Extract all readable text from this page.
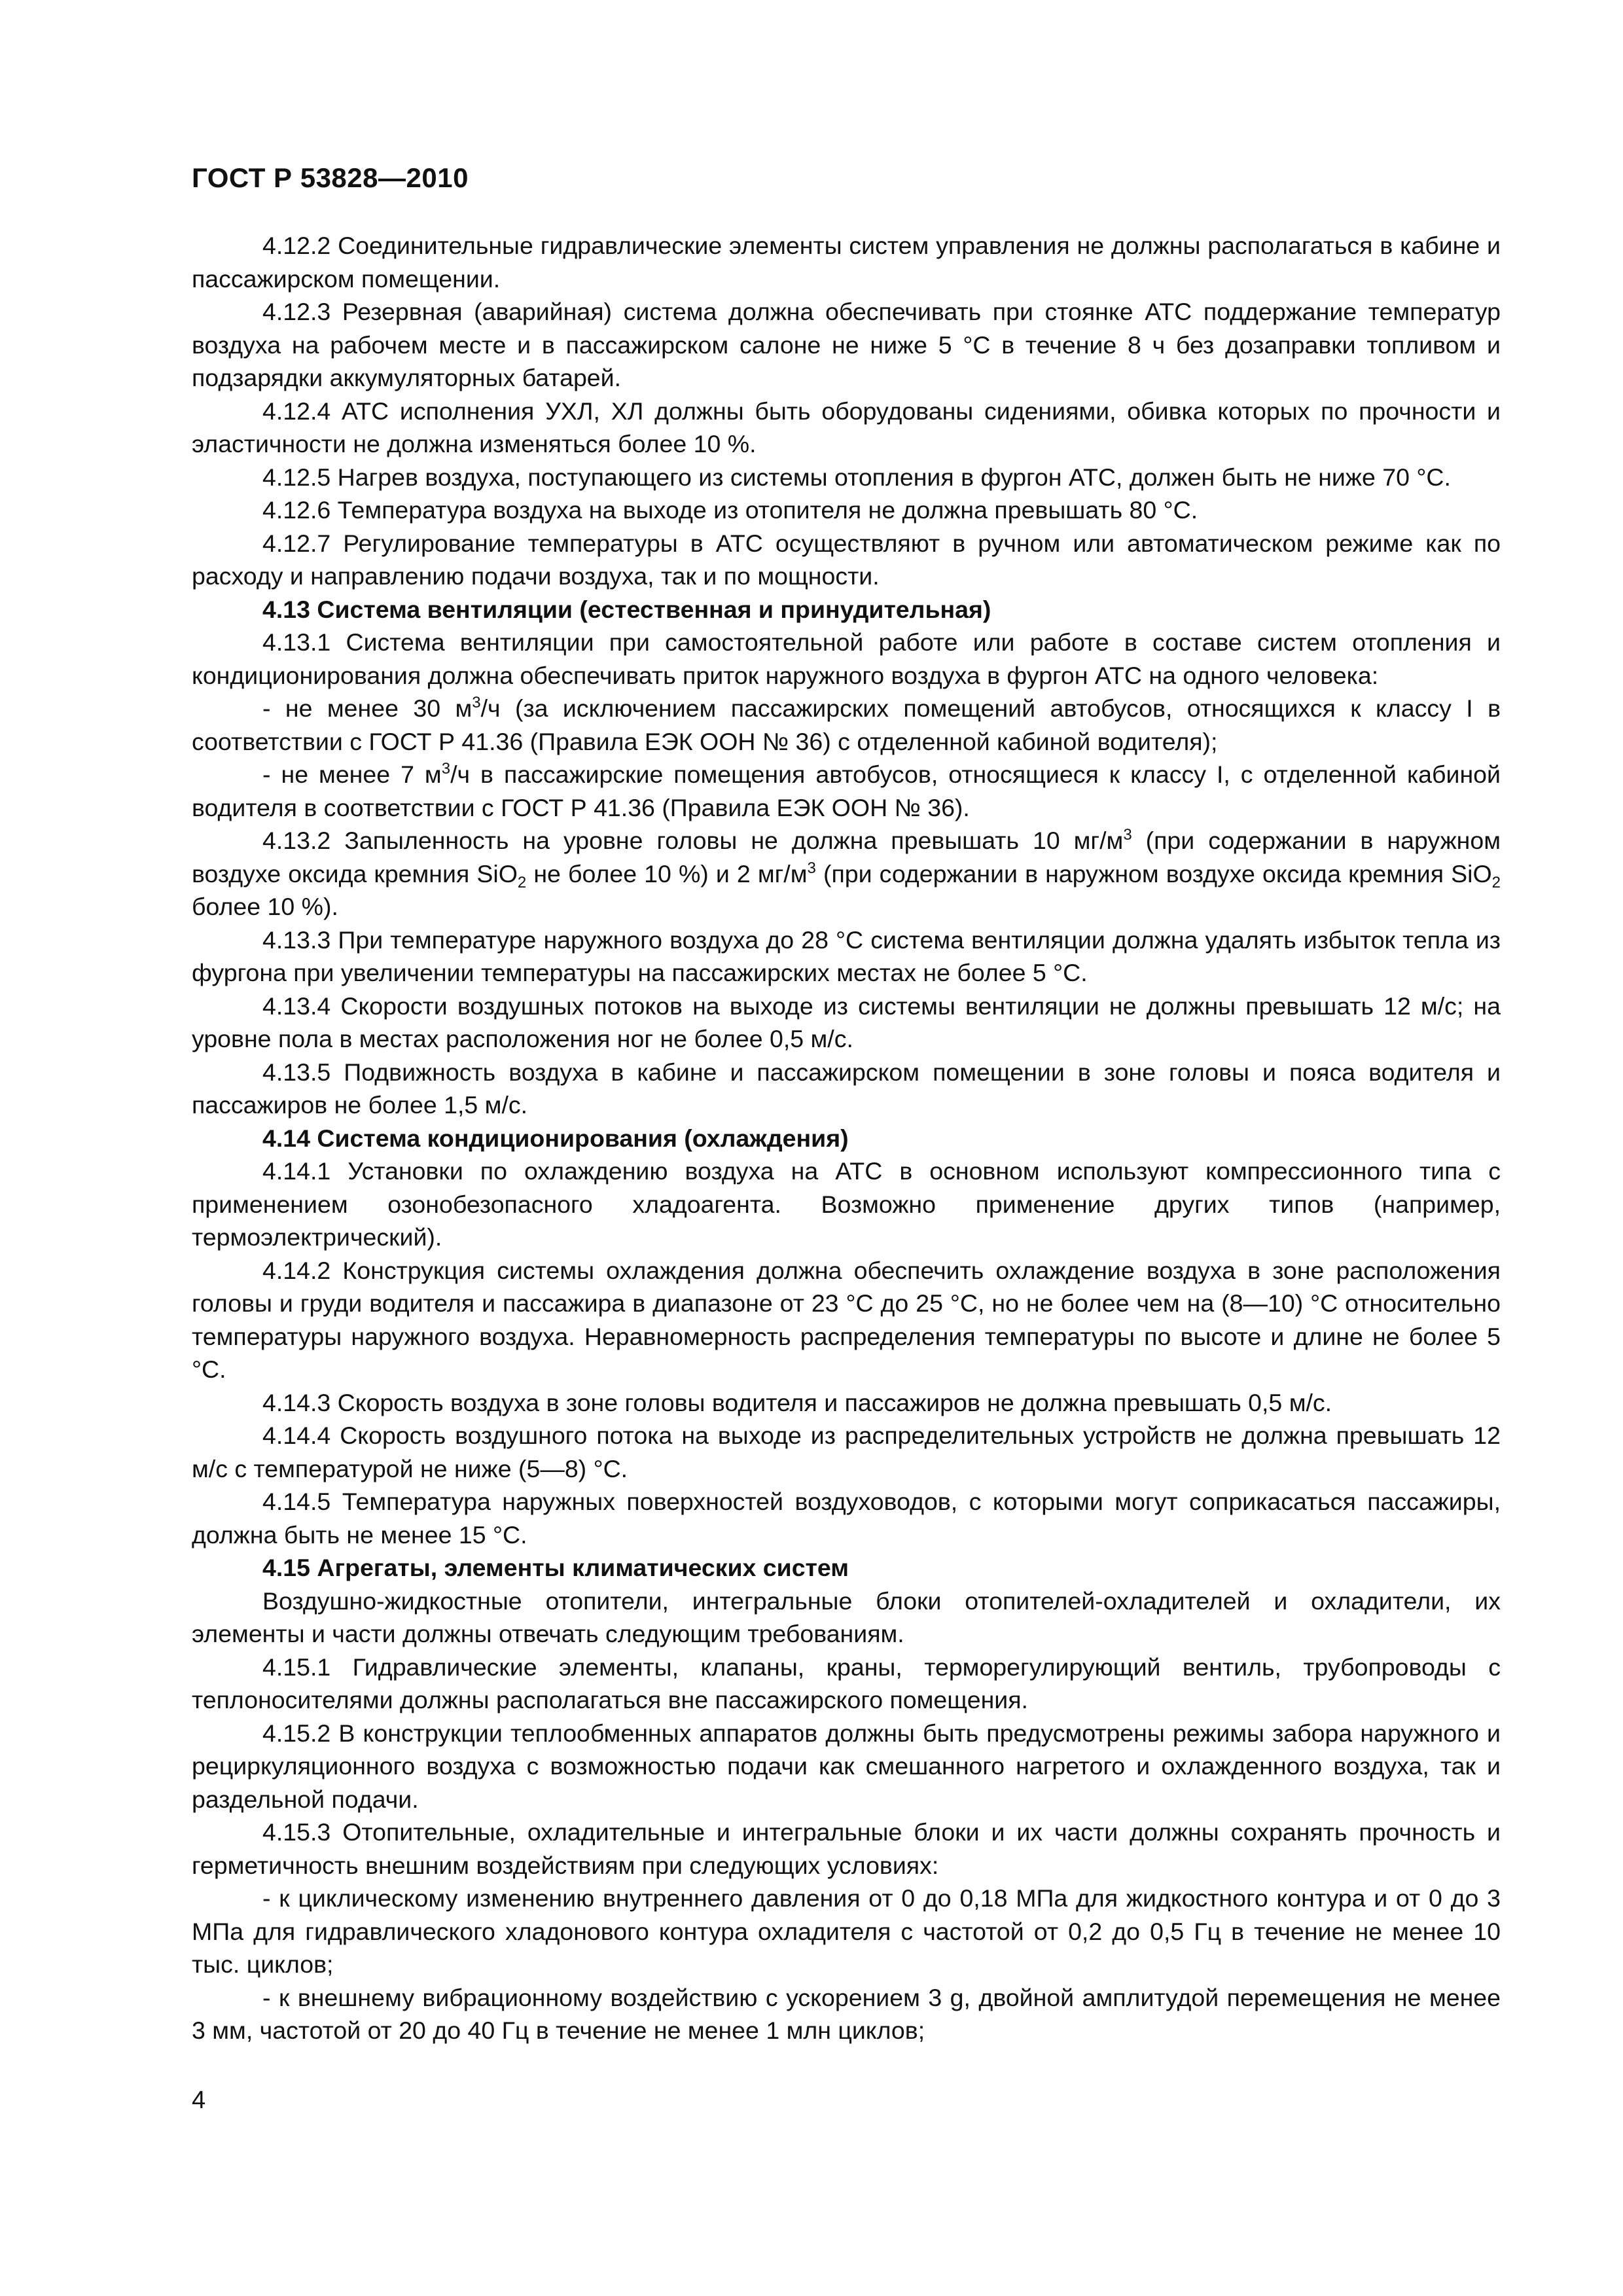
ГОСТ Р 53828—2010

4.12.2 Соединительные гидравлические элементы систем управления не должны располагаться в кабине и пассажирском помещении.

4.12.3 Резервная (аварийная) система должна обеспечивать при стоянке АТС поддержание температур воздуха на рабочем месте и в пассажирском салоне не ниже 5 °С в течение 8 ч без дозаправки топливом и подзарядки аккумуляторных батарей.

4.12.4 АТС исполнения УХЛ, ХЛ должны быть оборудованы сидениями, обивка которых по прочности и эластичности не должна изменяться более 10 %.

4.12.5 Нагрев воздуха, поступающего из системы отопления в фургон АТС, должен быть не ниже 70 °С.

4.12.6 Температура воздуха на выходе из отопителя не должна превышать 80 °С.

4.12.7 Регулирование температуры в АТС осуществляют в ручном или автоматическом режиме как по расходу и направлению подачи воздуха, так и по мощности.

4.13 Система вентиляции (естественная и принудительная)

4.13.1 Система вентиляции при самостоятельной работе или работе в составе систем отопления и кондиционирования должна обеспечивать приток наружного воздуха в фургон АТС на одного человека:

- не менее 30 $м^3/ч$ (за исключением пассажирских помещений автобусов, относящихся к классу I в соответствии с ГОСТ Р 41.36 (Правила ЕЭК ООН № 36) с отделенной кабиной водителя);

- не менее 7 $м^3/ч$ в пассажирские помещения автобусов, относящиеся к классу I, с отделенной кабиной водителя в соответствии с ГОСТ Р 41.36 (Правила ЕЭК ООН № 36).

4.13.2 Запыленность на уровне головы не должна превышать 10 $мг/м^3$ (при содержании в наружном воздухе оксида кремния SiO$_2$ не более 10 %) и 2 $мг/м^3$ (при содержании в наружном воздухе оксида кремния SiO$_2$ более 10 %).

4.13.3 При температуре наружного воздуха до 28 °С система вентиляции должна удалять избыток тепла из фургона при увеличении температуры на пассажирских местах не более 5 °С.

4.13.4 Скорости воздушных потоков на выходе из системы вентиляции не должны превышать 12 м/с; на уровне пола в местах расположения ног не более 0,5 м/с.

4.13.5 Подвижность воздуха в кабине и пассажирском помещении в зоне головы и пояса водителя и пассажиров не более 1,5 м/с.

4.14 Система кондиционирования (охлаждения)

4.14.1 Установки по охлаждению воздуха на АТС в основном используют компрессионного типа с применением озонобезопасного хладоагента. Возможно применение других типов (например, термоэлектрический).

4.14.2 Конструкция системы охлаждения должна обеспечить охлаждение воздуха в зоне расположения головы и груди водителя и пассажира в диапазоне от 23 °С до 25 °С, но не более чем на (8—10) °С относительно температуры наружного воздуха. Неравномерность распределения температуры по высоте и длине не более 5 °С.

4.14.3 Скорость воздуха в зоне головы водителя и пассажиров не должна превышать 0,5 м/с.

4.14.4 Скорость воздушного потока на выходе из распределительных устройств не должна превышать 12 м/с с температурой не ниже (5—8) °С.

4.14.5 Температура наружных поверхностей воздуховодов, с которыми могут соприкасаться пассажиры, должна быть не менее 15 °С.

4.15 Агрегаты, элементы климатических систем

Воздушно-жидкостные отопители, интегральные блоки отопителей-охладителей и охладители, их элементы и части должны отвечать следующим требованиям.

4.15.1 Гидравлические элементы, клапаны, краны, терморегулирующий вентиль, трубопроводы с теплоносителями должны располагаться вне пассажирского помещения.

4.15.2 В конструкции теплообменных аппаратов должны быть предусмотрены режимы забора наружного и рециркуляционного воздуха с возможностью подачи как смешанного нагретого и охлажденного воздуха, так и раздельной подачи.

4.15.3 Отопительные, охладительные и интегральные блоки и их части должны сохранять прочность и герметичность внешним воздействиям при следующих условиях:

- к циклическому изменению внутреннего давления от 0 до 0,18 МПа для жидкостного контура и от 0 до 3 МПа для гидравлического хладонового контура охладителя с частотой от 0,2 до 0,5 Гц в течение не менее 10 тыс. циклов;

- к внешнему вибрационному воздействию с ускорением 3 g, двойной амплитудой перемещения не менее 3 мм, частотой от 20 до 40 Гц в течение не менее 1 млн циклов;

4
